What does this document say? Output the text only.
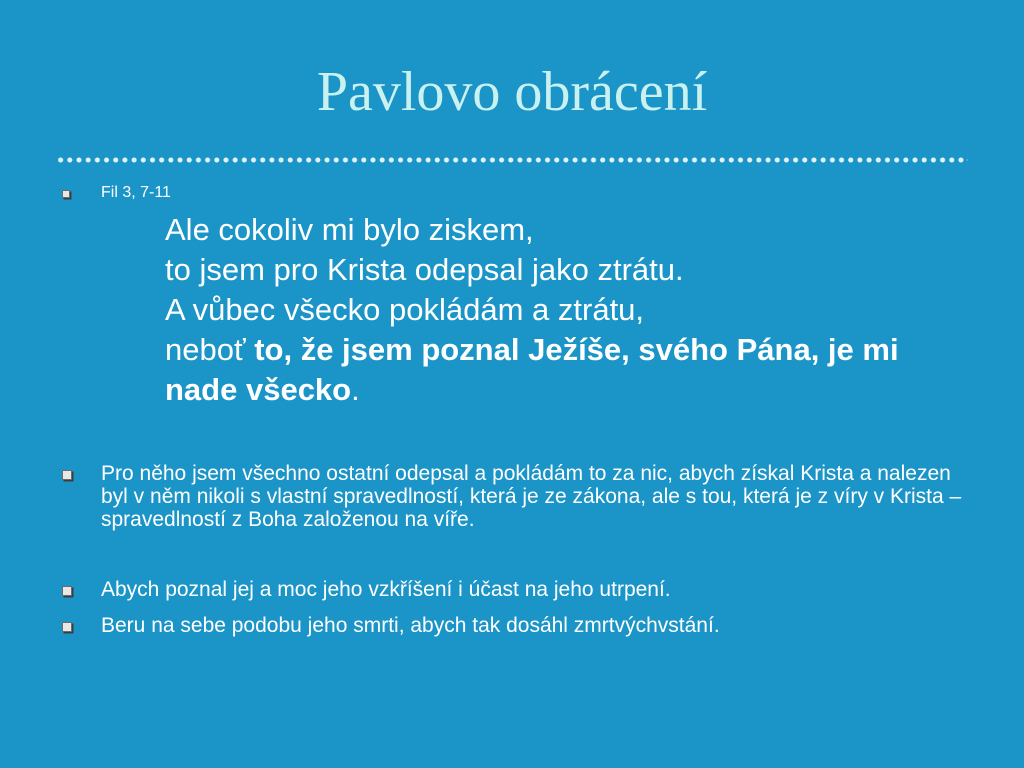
Pavlovo obrácení
Fil 3, 7-11
Ale cokoliv mi bylo ziskem,
to jsem pro Krista odepsal jako ztrátu.
A vůbec všecko pokládám a ztrátu,
neboť to, že jsem poznal Ježíše, svého Pána, je mi nade všecko.
Pro něho jsem všechno ostatní odepsal a pokládám to za nic, abych získal Krista a nalezen byl v něm nikoli s vlastní spravedlností, která je ze zákona, ale s tou, která je z víry v Krista – spravedlností z Boha založenou na víře.
Abych poznal jej a moc jeho vzkříšení i účast na jeho utrpení.
Beru na sebe podobu jeho smrti, abych tak dosáhl zmrtvýchvstání.
